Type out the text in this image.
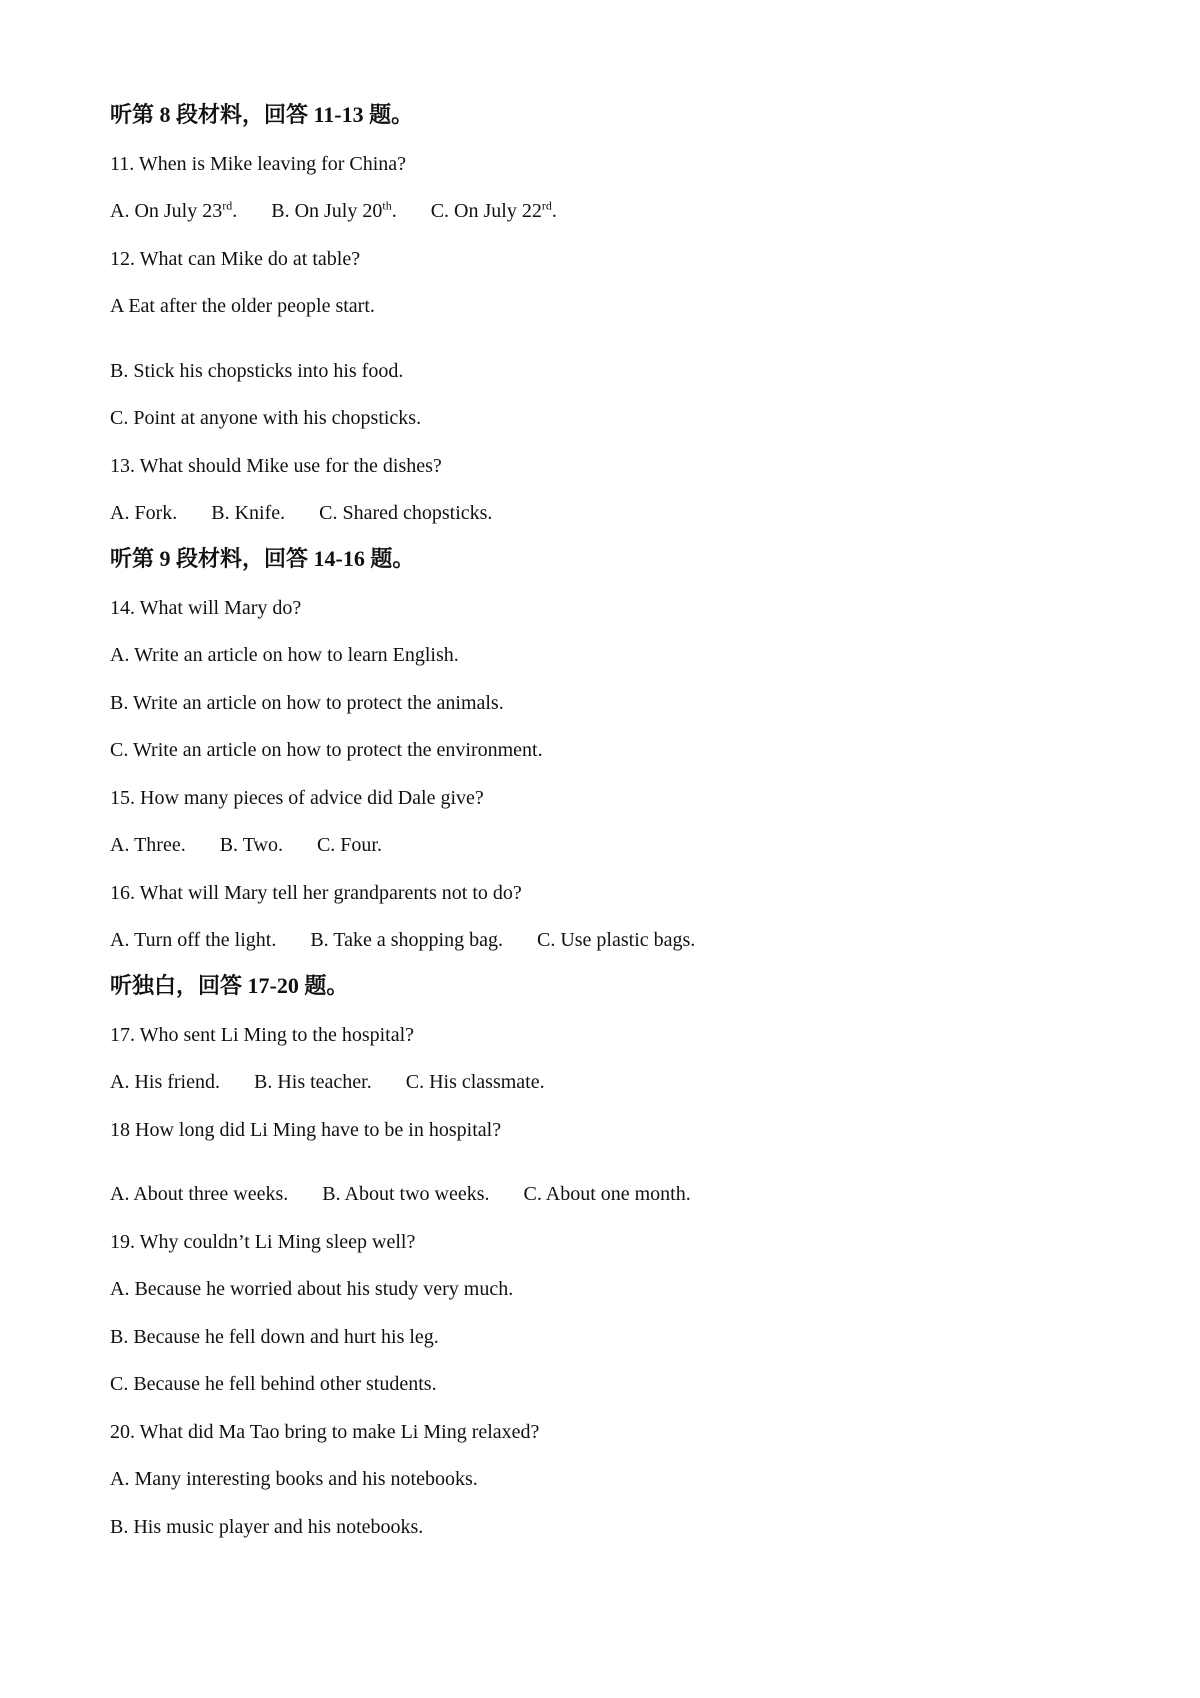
听第 8 段材料，回答 11-13 题。
11. When is Mike leaving for China?
A. On July 23rd. B. On July 20th. C. On July 22rd.
12. What can Mike do at table?
A Eat after the older people start.
B. Stick his chopsticks into his food.
C. Point at anyone with his chopsticks.
13. What should Mike use for the dishes?
A. Fork. B. Knife. C. Shared chopsticks.
听第 9 段材料，回答 14-16 题。
14. What will Mary do?
A. Write an article on how to learn English.
B. Write an article on how to protect the animals.
C. Write an article on how to protect the environment.
15. How many pieces of advice did Dale give?
A. Three. B. Two. C. Four.
16. What will Mary tell her grandparents not to do?
A. Turn off the light. B. Take a shopping bag. C. Use plastic bags.
听独白，回答 17-20 题。
17. Who sent Li Ming to the hospital?
A. His friend. B. His teacher. C. His classmate.
18 How long did Li Ming have to be in hospital?
A. About three weeks. B. About two weeks. C. About one month.
19. Why couldn’t Li Ming sleep well?
A. Because he worried about his study very much.
B. Because he fell down and hurt his leg.
C. Because he fell behind other students.
20. What did Ma Tao bring to make Li Ming relaxed?
A. Many interesting books and his notebooks.
B. His music player and his notebooks.
